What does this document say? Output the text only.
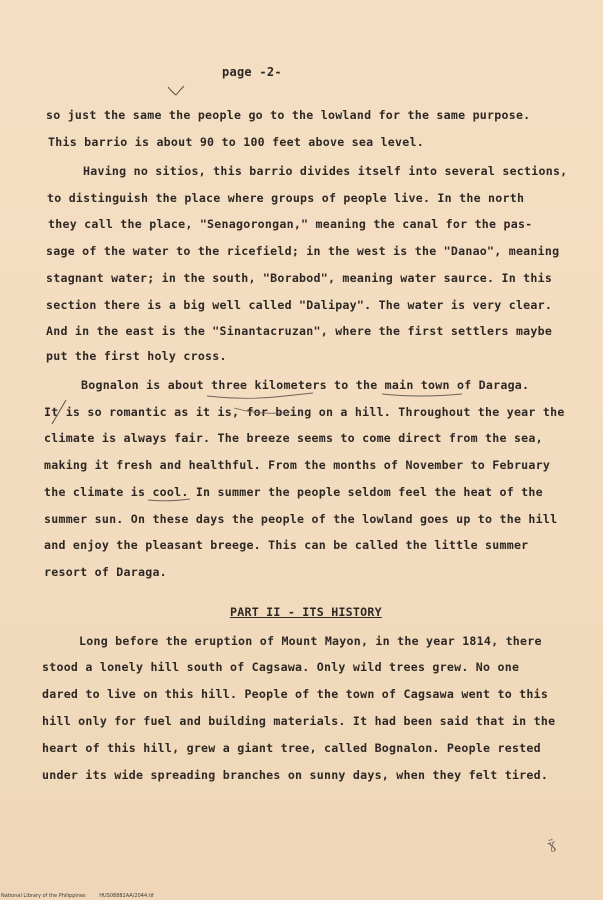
page -2-
so just the same the people go to the lowland for the same purpose.
This barrio is about 90 to 100 feet above sea level.
Having no sitios, this barrio divides itself into several sections,
to distinguish the place where groups of people live. In the north
they call the place, "Senagorongan," meaning the canal for the pas-
sage of the water to the ricefield; in the west is the "Danao", meaning
stagnant water; in the south, "Borabod", meaning water saurce. In this
section there is a big well called "Dalipay". The water is very clear.
And in the east is the "Sinantacruzan", where the first settlers maybe
put the first holy cross.
Bognalon is about three kilometers to the main town of Daraga.
It is so romantic as it is, for being on a hill. Throughout the year the
climate is always fair. The breeze seems to come direct from the sea,
making it fresh and healthful. From the months of November to February
the climate is cool. In summer the people seldom feel the heat of the
summer sun. On these days the people of the lowland goes up to the hill
and enjoy the pleasant breege. This can be called the little summer
resort of Daraga.
PART II - ITS HISTORY
Long before the eruption of Mount Mayon, in the year 1814, there
stood a lonely hill south of Cagsawa. Only wild trees grew. No one
dared to live on this hill. People of the town of Cagsawa went to this
hill only for fuel and building materials. It had been said that in the
heart of this hill, grew a giant tree, called Bognalon. People rested
under its wide spreading branches on sunny days, when they felt tired.
ɣ̈
National Library of the Philippines	HUS08882AA/2044.tif
